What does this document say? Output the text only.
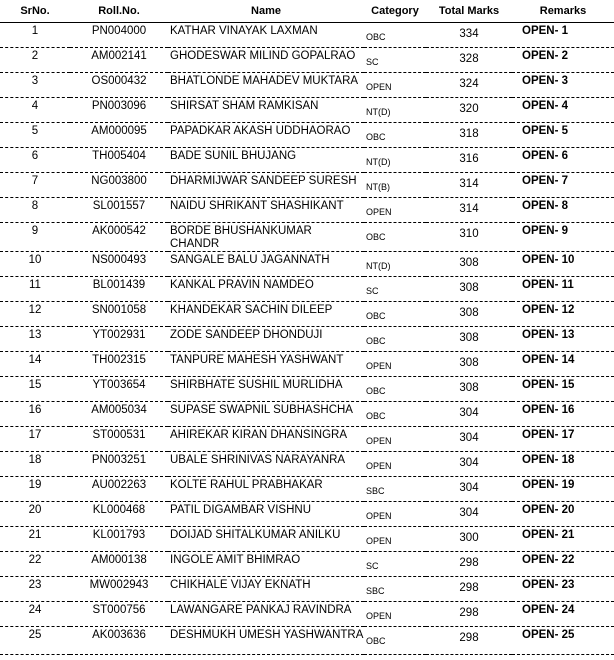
SrNo.	Roll.No.	Name	Category	Total Marks	Remarks
1	PN004000	KATHAR VINAYAK LAXMAN	OBC	334	OPEN- 1
2	AM002141	GHODESWAR MILIND GOPALRAO	SC	328	OPEN- 2
3	OS000432	BHATLONDE MAHADEV MUKTARA	OPEN	324	OPEN- 3
4	PN003096	SHIRSAT SHAM RAMKISAN	NT(D)	320	OPEN- 4
5	AM000095	PAPADKAR AKASH UDDHAORAO	OBC	318	OPEN- 5
6	TH005404	BADE SUNIL BHUJANG	NT(D)	316	OPEN- 6
7	NG003800	DHARMIJWAR SANDEEP SURESH	NT(B)	314	OPEN- 7
8	SL001557	NAIDU SHRIKANT SHASHIKANT	OPEN	314	OPEN- 8
9	AK000542	BORDE BHUSHANKUMAR CHANDR	OBC	310	OPEN- 9
10	NS000493	SANGALE BALU JAGANNATH	NT(D)	308	OPEN- 10
11	BL001439	KANKAL PRAVIN NAMDEO	SC	308	OPEN- 11
12	SN001058	KHANDEKAR SACHIN DILEEP	OBC	308	OPEN- 12
13	YT002931	ZODE SANDEEP DHONDUJI	OBC	308	OPEN- 13
14	TH002315	TANPURE MAHESH YASHWANT	OPEN	308	OPEN- 14
15	YT003654	SHIRBHATE SUSHIL MURLIDHA	OBC	308	OPEN- 15
16	AM005034	SUPASE SWAPNIL SUBHASHCHA	OBC	304	OPEN- 16
17	ST000531	AHIREKAR KIRAN DHANSINGRA	OPEN	304	OPEN- 17
18	PN003251	UBALE SHRINIVAS NARAYANRA	OPEN	304	OPEN- 18
19	AU002263	KOLTE RAHUL PRABHAKAR	SBC	304	OPEN- 19
20	KL000468	PATIL DIGAMBAR VISHNU	OPEN	304	OPEN- 20
21	KL001793	DOIJAD SHITALKUMAR ANILKU	OPEN	300	OPEN- 21
22	AM000138	INGOLE AMIT BHIMRAO	SC	298	OPEN- 22
23	MW002943	CHIKHALE VIJAY EKNATH	SBC	298	OPEN- 23
24	ST000756	LAWANGARE PANKAJ RAVINDRA	OPEN	298	OPEN- 24
25	AK003636	DESHMUKH UMESH YASHWANTRA	OBC	298	OPEN- 25
